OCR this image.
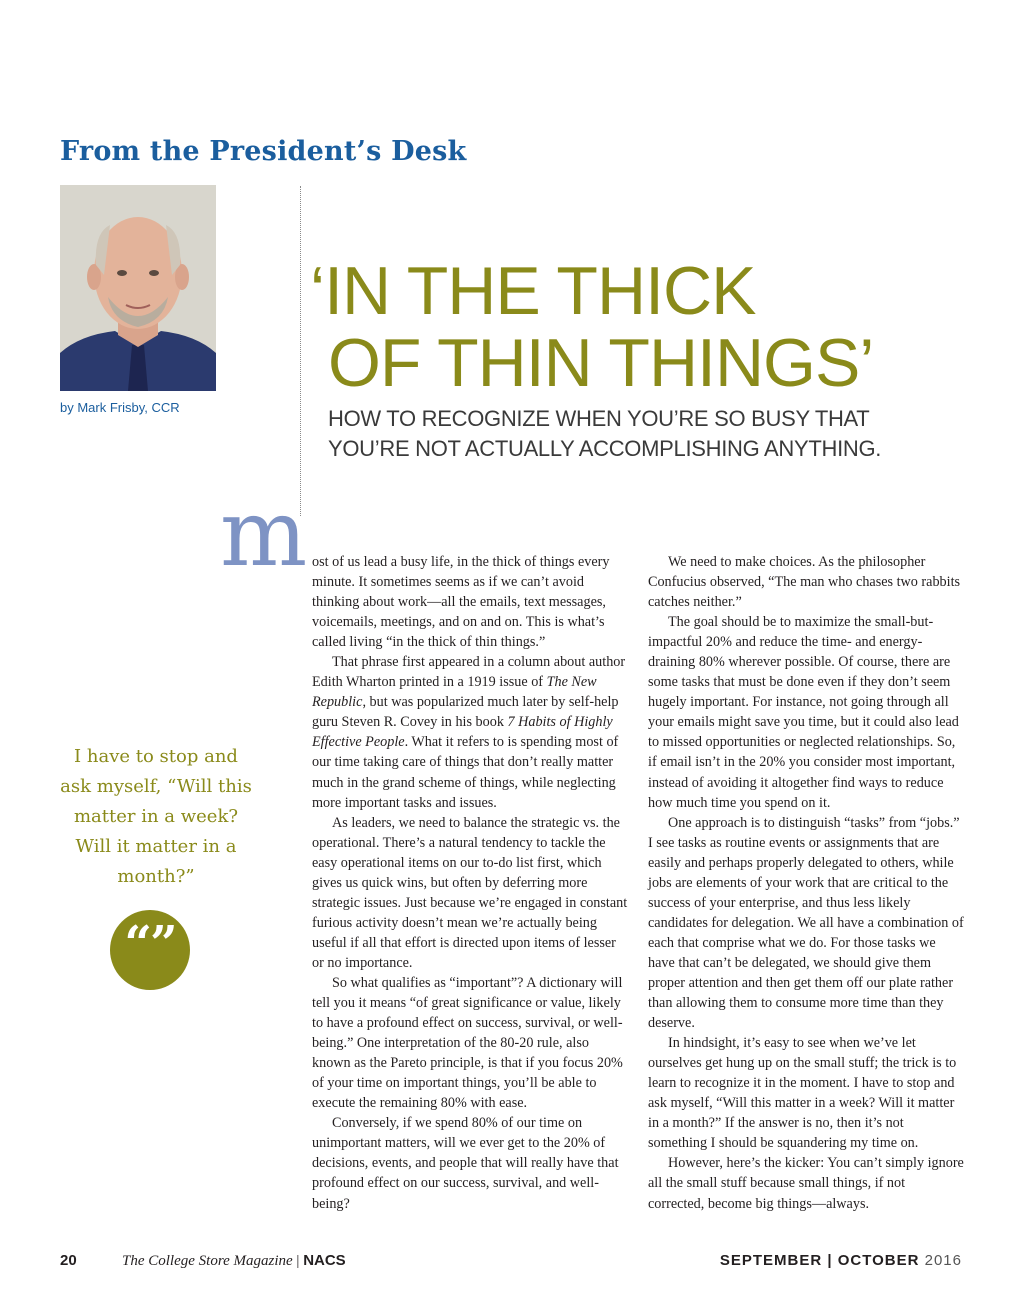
From the President’s Desk
by Mark Frisby, CCR
‘IN THE THICK
OF THIN THINGS’

HOW TO RECOGNIZE WHEN YOU’RE SO BUSY THAT YOU’RE NOT ACTUALLY ACCOMPLISHING ANYTHING.

m ost of us lead a busy life, in the thick of things every minute. It sometimes seems as if we can’t avoid thinking about work—all the emails, text messages, voicemails, meetings, and on and on. This is what’s called living “in the thick of thin things.”

That phrase first appeared in a column about author Edith Wharton printed in a 1919 issue of The New Republic, but was popularized much later by self-help guru Steven R. Covey in his book 7 Habits of Highly Effective People. What it refers to is spending most of our time taking care of things that don’t really matter much in the grand scheme of things, while neglecting more important tasks and issues.

As leaders, we need to balance the strategic vs. the operational. There’s a natural tendency to tackle the easy operational items on our to-do list first, which gives us quick wins, but often by deferring more strategic issues. Just because we’re engaged in constant furious activity doesn’t mean we’re actually being useful if all that effort is directed upon items of lesser or no importance.

So what qualifies as “important”? A dictionary will tell you it means “of great significance or value, likely to have a profound effect on success, survival, or well-being.” One interpretation of the 80-20 rule, also known as the Pareto principle, is that if you focus 20% of your time on important things, you’ll be able to execute the remaining 80% with ease.

Conversely, if we spend 80% of our time on unimportant matters, will we ever get to the 20% of decisions, events, and people that will really have that profound effect on our success, survival, and well-being?

We need to make choices. As the philosopher Confucius observed, “The man who chases two rabbits catches neither.”

The goal should be to maximize the small-but-impactful 20% and reduce the time- and energy-draining 80% wherever possible. Of course, there are some tasks that must be done even if they don’t seem hugely important. For instance, not going through all your emails might save you time, but it could also lead to missed opportunities or neglected relationships. So, if email isn’t in the 20% you consider most important, instead of avoiding it altogether find ways to reduce how much time you spend on it.

One approach is to distinguish “tasks” from “jobs.” I see tasks as routine events or assignments that are easily and perhaps properly delegated to others, while jobs are elements of your work that are critical to the success of your enterprise, and thus less likely candidates for delegation. We all have a combination of each that comprise what we do. For those tasks we have that can’t be delegated, we should give them proper attention and then get them off our plate rather than allowing them to consume more time than they deserve.

In hindsight, it’s easy to see when we’ve let ourselves get hung up on the small stuff; the trick is to learn to recognize it in the moment. I have to stop and ask myself, “Will this matter in a week? Will it matter in a month?” If the answer is no, then it’s not something I should be squandering my time on.

However, here’s the kicker: You can’t simply ignore all the small stuff because small things, if not corrected, become big things—always.

I have to stop and ask myself, “Will this matter in a week? Will it matter in a month?”

“”
20	The College Store Magazine | NACS	SEPTEMBER | OCTOBER 2016
